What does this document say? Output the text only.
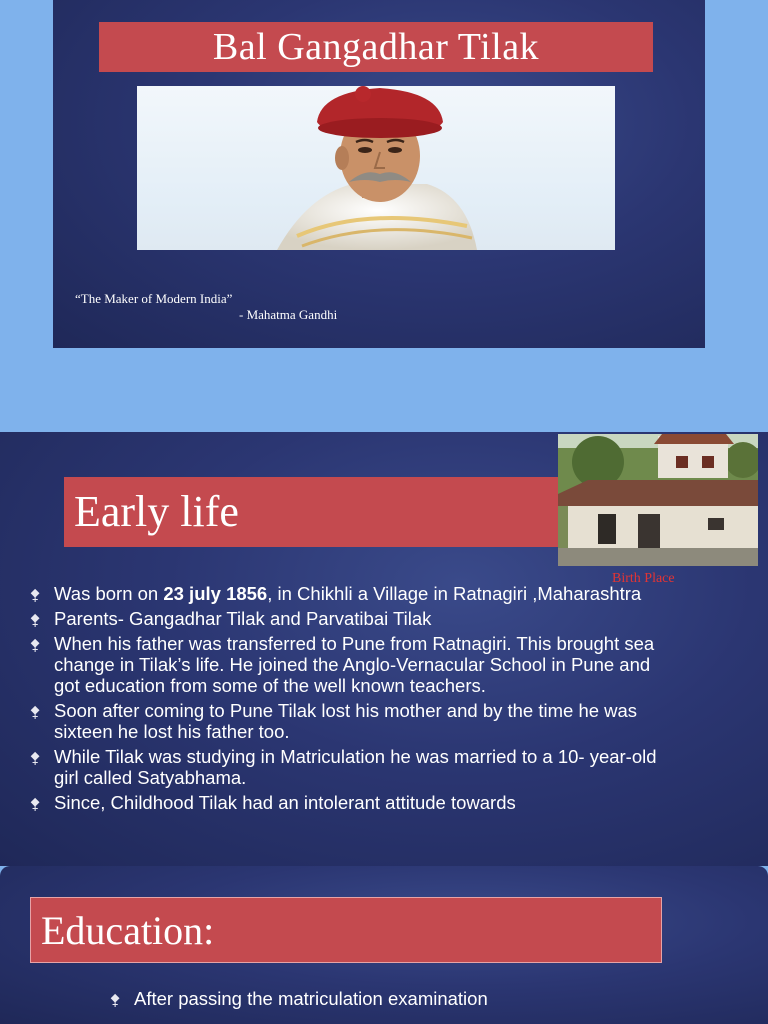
Bal Gangadhar Tilak
“The Maker of Modern India”
- Mahatma Gandhi
Early life
Birth Place
⯞ Was born on 23 july 1856, in Chikhli a Village in Ratnagiri ,Maharashtra
⯞ Parents- Gangadhar Tilak and Parvatibai Tilak
⯞ When his father was transferred to Pune from Ratnagiri. This brought sea change in Tilak’s life. He joined the Anglo-Vernacular School in Pune and got education from some of the well known teachers.
⯞ Soon after coming to Pune Tilak lost his mother and by the time he was sixteen he lost his father too.
⯞ While Tilak was studying in Matriculation he was married to a 10- year-old girl called Satyabhama.
⯞ Since, Childhood Tilak had an intolerant attitude towards
Education:
⯞ After passing the matriculation examination
